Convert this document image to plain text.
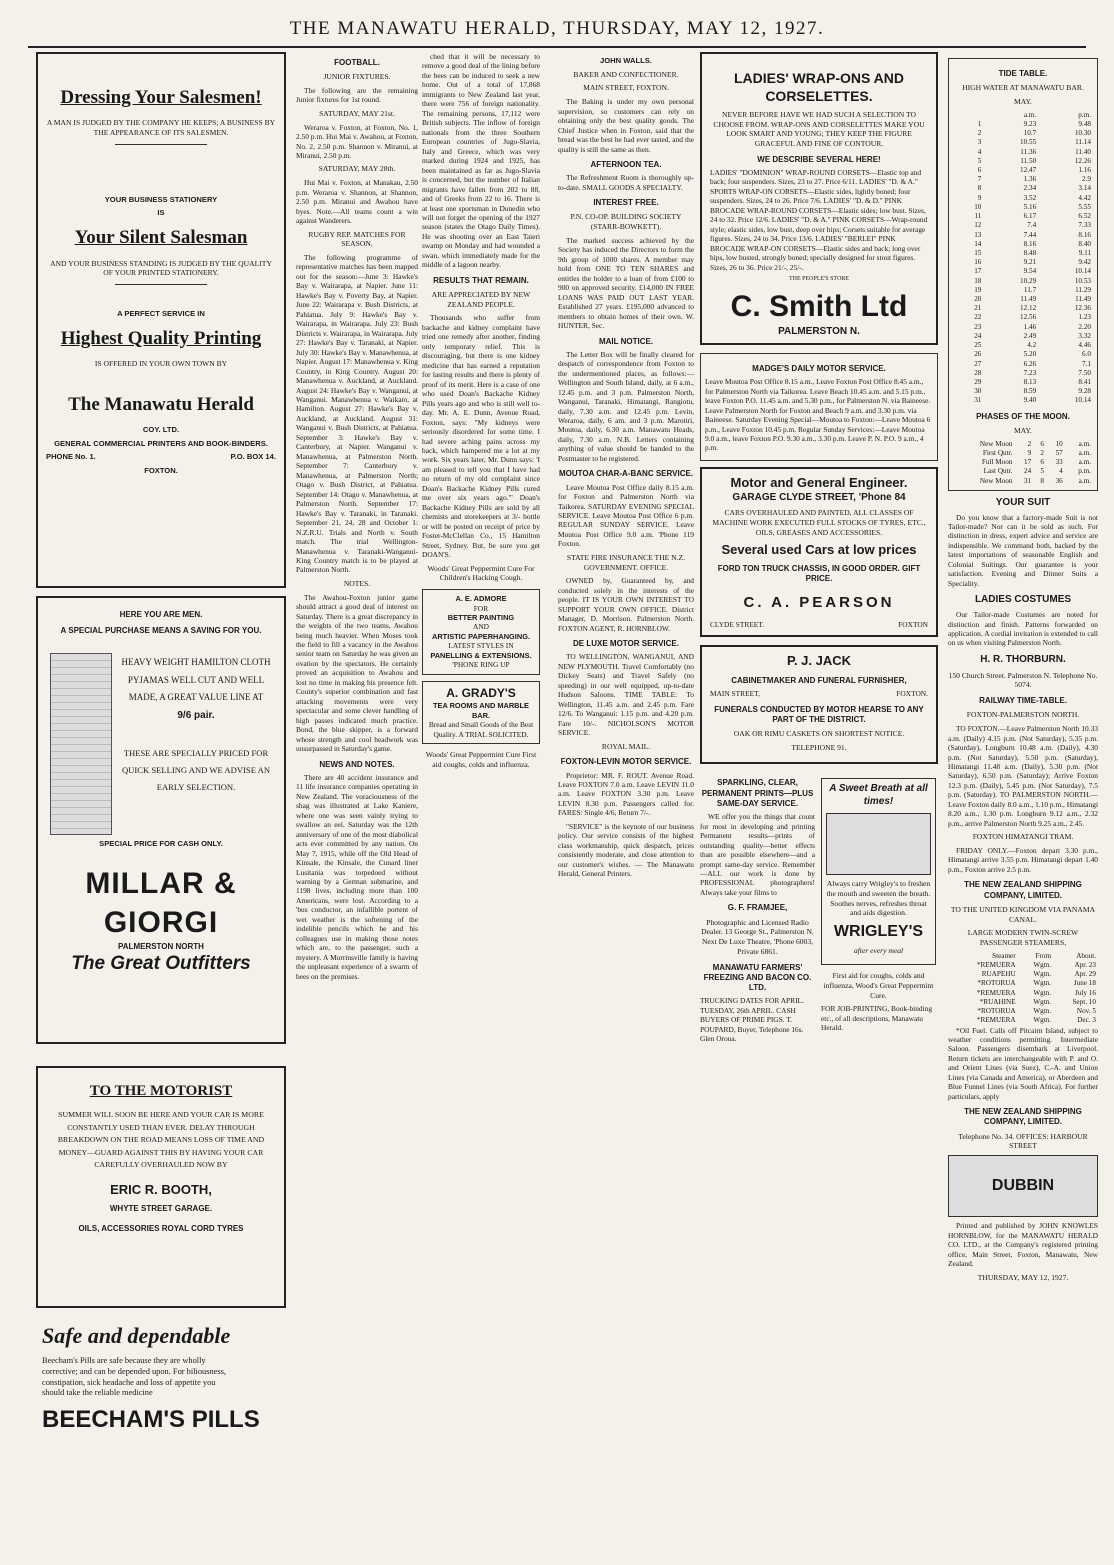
THE MANAWATU HERALD, THURSDAY, MAY 12, 1927.
Dressing Your Salesmen!
A MAN IS JUDGED BY THE COMPANY HE KEEPS; A BUSINESS BY THE APPEARANCE OF ITS SALESMEN.
YOUR BUSINESS STATIONERY
IS
Your Silent Salesman
AND YOUR BUSINESS STANDING IS JUDGED BY THE QUALITY OF YOUR PRINTED STATIONERY.
A PERFECT SERVICE IN
Highest Quality Printing
IS OFFERED IN YOUR OWN TOWN BY
The Manawatu Herald
COY. LTD.
GENERAL COMMERCIAL PRINTERS AND BOOK-BINDERS.
PHONE No. 1.	P.O. BOX 14.
FOXTON.
HERE YOU ARE MEN.
A SPECIAL PURCHASE MEANS A SAVING FOR YOU.
HEAVY WEIGHT HAMILTON CLOTH PYJAMAS WELL CUT AND WELL MADE, A GREAT VALUE LINE AT
9/6 pair.
THESE ARE SPECIALLY PRICED FOR QUICK SELLING AND WE ADVISE AN EARLY SELECTION.
SPECIAL PRICE FOR CASH ONLY.
MILLAR & GIORGI
PALMERSTON NORTH
The Great Outfitters
TO THE MOTORIST
SUMMER WILL SOON BE HERE AND YOUR CAR IS MORE CONSTANTLY USED THAN EVER. DELAY THROUGH BREAKDOWN ON THE ROAD MEANS LOSS OF TIME AND MONEY—GUARD AGAINST THIS BY HAVING YOUR CAR CAREFULLY OVERHAULED NOW BY
ERIC R. BOOTH,
WHYTE STREET GARAGE.
OILS, ACCESSORIES ROYAL CORD TYRES
Safe and dependable
Beecham's Pills are safe because they are wholly corrective; and can be depended upon. For biliousness, constipation, sick headache and loss of appetite you should take the reliable medicine
BEECHAM'S PILLS
FOOTBALL.
JUNIOR FIXTURES.

The following are the remaining Junior fixtures for 1st round.

SATURDAY, MAY 21st.

Weraroa v. Foxton, at Foxton, No. 1, 2.50 p.m. Hui Mai v. Awahou, at Foxton, No. 2, 2.50 p.m. Shannon v. Miranui, at Miranui, 2.50 p.m.

SATURDAY, MAY 28th.

Hui Mai v. Foxton, at Manakau, 2.50 p.m. Weraroa v. Shannon, at Shannon, 2.50 p.m. Miranui and Awahou have byes. Note.—All teams count a win against Wanderers.

RUGBY REP. MATCHES FOR SEASON.

The following programme of representative matches has been mapped out for the season:—June 3: Hawke's Bay v. Wairarapa, at Napier. June 11: Hawke's Bay v. Poverty Bay, at Napier. June 22: Wairarapa v. Bush Districts, at Pahiatua. July 9: Hawke's Bay v. Wairarapa, in Wairarapa. July 23: Bush Districts v. Wairarapa, in Wairarapa. July 27: Hawke's Bay v. Taranaki, at Napier. July 30: Hawke's Bay v. Manawhenua, at Napier. August 17: Manawhenua v. King Country, in King Country. August 20: Manawhenua v. Auckland, at Auckland. August 24: Hawke's Bay v. Wanganui, at Wanganui. Manawhenua v. Waikato, at Hamilton. August 27: Hawke's Bay v. Auckland, at Auckland. August 31: Wanganui v. Bush Districts, at Pahiatua. September 3: Hawke's Bay v. Canterbury, at Napier. Wanganui v. Manawhenua, at Palmerston North. September 7: Canterbury v. Manawhenua, at Palmerston North; Otago v. Bush District, at Pahiatua. September 14: Otago v. Manawhenua, at Palmerston North. September 17: Hawke's Bay v. Taranaki, in Taranaki. September 21, 24, 28 and October 1: N.Z.R.U. Trials and North v. South match. The trial Wellington-Manawhenua v. Taranaki-Wanganui-King Country match is to be played at Palmerston North.

NOTES.

The Awahou-Foxton junior game should attract a good deal of interest on Saturday. There is a great discrepancy in the weights of the two teams, Awahou being much heavier. When Moses took the field to fill a vacancy in the Awahou senior team on Saturday he was given an ovation by the spectators. He certainly proved an acquisition to Awahou and lost no time in making his presence felt. County's superior combination and fast attacking movements were very spectacular and some clever handling of high passes indicated much practice. Bond, the blue skipper, is a forward whose strength and cool headwork was unsurpassed in Saturday's game.

NEWS AND NOTES.

There are 40 accident insurance and 11 life insurance companies operating in New Zealand. The voraciousness of the shag was illustrated at Lake Kaniere, where one was seen vainly trying to swallow an eel. Saturday was the 12th anniversary of one of the most diabolical acts ever committed by any nation. On May 7, 1915, while off the Old Head of Kinsale, the Kinsale, the Cunard liner Lusitania was torpedoed without warning by a German submarine, and 1198 lives, including more than 100 Americans, were lost. According to a 'bus conductor, an infallible portent of wet weather is the softening of the indelible pencils which he and his colleagues use in making those notes which are, to the passenger, such a mystery. A Morrinsville family is having the unpleasant experience of a swarm of bees on the premises.

ched that it will be necessary to remove a good deal of the lining before the bees can be induced to seek a new home. Out of a total of 17,868 immigrants to New Zealand last year, there were 756 of foreign nationality. The remaining persons, 17,112 were British subjects. The inflow of foreign nationals from the three Southern European countries of Jugo-Slavia, Italy and Greece, which was very marked during 1924 and 1925, has been maintained as far as Jugo-Slavia is concerned, but the number of Italian migrants have fallen from 202 to 88, and of Greeks from 22 to 16. There is at least one sportsman in Dunedin who will not forget the opening of the 1927 season (states the Otago Daily Times). He was shooting over an East Taieri swamp on Monday and had wounded a swan, which immediately made for the middle of a lagoon nearby.

RESULTS THAT REMAIN.
ARE APPRECIATED BY NEW ZEALAND PEOPLE.

Thousands who suffer from backache and kidney complaint have tried one remedy after another, finding only temporary relief. This is discouraging, but there is one kidney medicine that has earned a reputation for lasting results and there is plenty of proof of its merit. Here is a case of one who used Doan's Backache Kidney Pills years ago and who is still well to-day. Mr. A. E. Dunn, Avenue Road, Foxton, says: "My kidneys were seriously disordered for some time. I had severe aching pains across my back, which hampered me a lot at my work. Six years later, Mr. Dunn says: 'I am pleased to tell you that I have had no return of my old complaint since Doan's Backache Kidney Pills cured me over six years ago.'" Doan's Backache Kidney Pills are sold by all chemists and storekeepers at 3/- bottle or will be posted on receipt of price by Foster-McClellan Co., 15 Hamilton Street, Sydney. But, be sure you get DOAN'S.

Woods' Great Peppermint Cure For Children's Hacking Cough.
A. E. ADMORE
FOR
BETTER PAINTING
AND
ARTISTIC PAPERHANGING.
LATEST STYLES IN
PANELLING & EXTENSIONS.
'PHONE RING UP
A. GRADY'S
TEA ROOMS AND MARBLE BAR.
Bread and Small Goods of the Best Quality. A TRIAL SOLICITED.
Woods' Great Peppermint Cure First aid coughs, colds and influenza.
JOHN WALLS.
BAKER AND CONFECTIONER.
MAIN STREET, FOXTON.

The Baking is under my own personal supervision, so customers can rely on obtaining only the best quality goods. The Chief Justice when in Foxton, said that the bread was the best he had ever tasted, and the quality is still the same as then.

AFTERNOON TEA.

The Refreshment Room is thoroughly up-to-date. SMALL GOODS A SPECIALTY.

INTEREST FREE.
P.N. CO-OP. BUILDING SOCIETY (STARR-BOWKETT).

The marked success achieved by the Society has induced the Directors to form the 9th group of 1000 shares. A member may hold from ONE TO TEN SHARES and entitles the holder to a loan of from £100 to 900 on approved security. £14,000 IN FREE LOANS WAS PAID OUT LAST YEAR. Established 27 years. £195,000 advanced to members to obtain homes of their own. W. HUNTER, Sec.

MAIL NOTICE.

The Letter Box will be finally cleared for despatch of correspondence from Foxton to the undermentioned places, as follows:— Wellington and South Island, daily, at 6 a.m., 12.45 p.m. and 3 p.m. Palmerston North, Wanganui, Taranaki, Himatangi, Rangiotu, daily, 7.30 a.m. and 12.45 p.m. Levin, Weraroa, daily, 6 am. and 3 p.m. Marotiri, Moutoa, daily, 6.30 a.m. Manawatu Heads, daily, 7.30 a.m. N.B. Letters containing anything of value should be handed to the Postmaster to be registered.

MOUTOA CHAR-A-BANC SERVICE.

Leave Moutoa Post Office daily 8.15 a.m. for Foxton and Palmerston North via Taikorea. SATURDAY EVENING SPECIAL SERVICE. Leave Moutoa Post Office 6 p.m. REGULAR SUNDAY SERVICE. Leave Moutoa Post Office 9.0 a.m. 'Phone 119 Foxton.

STATE FIRE INSURANCE THE N.Z. GOVERNMENT. OFFICE.

OWNED by, Guaranteed by, and conducted solely in the interests of the people. IT IS YOUR OWN INTEREST TO SUPPORT YOUR OWN OFFICE. District Manager, D. Morrison. Palmerston North. FOXTON AGENT, R. HORNBLOW.

DE LUXE MOTOR SERVICE.

TO WELLINGTON, WANGANUI, AND NEW PLYMOUTH. Travel Comfortably (no Dickey Seats) and Travel Safely (no speeding) in our well equipped, up-to-date Hudson Saloons. TIME TABLE: To Wellington, 11.45 a.m. and 2.45 p.m. Fare 12/6. To Wanganui: 1.15 p.m. and 4.20 p.m. Fare 10/-. NICHOLSON'S MOTOR SERVICE.

ROYAL MAIL.
FOXTON-LEVIN MOTOR SERVICE.

Proprietor: MR. F. ROUT. Avenue Road. Leave FOXTON 7.0 a.m. Leave LEVIN 11.0 a.m. Leave FOXTON 3.30 p.m. Leave LEVIN 8.30 p.m. Passengers called for. FARES: Single 4/6, Return 7/-.

"SERVICE" is the keynote of our business policy. Our service consists of the highest class workmanship, quick despatch, prices consistently moderate, and close attention to our customer's wishes. — The Manawatu Herald, General Printers.

LADIES' WRAP-ONS AND CORSELETTES.
NEVER BEFORE HAVE WE HAD SUCH A SELECTION TO CHOOSE FROM. WRAP-ONS AND CORSELETTES MAKE YOU LOOK SMART AND YOUNG; THEY KEEP THE FIGURE GRACEFUL AND FINE OF CONTOUR.
WE DESCRIBE SEVERAL HERE!
LADIES' "DOMINION" WRAP-ROUND CORSETS—Elastic top and back; four suspenders. Sizes, 23 to 27. Price 6/11. LADIES' "D. & A." SPORTS WRAP-ON CORSETS—Elastic sides, lightly boned; four suspenders. Sizes, 24 to 26. Price 7/6. LADIES' "D. & D." PINK BROCADE WRAP-ROUND CORSETS—Elastic sides; low bust. Sizes, 24 to 32. Price 12/6. LADIES' "D. & A." PINK CORSETS—Wrap-round style; elastic sides, low bust, deep over hips; Corsets suitable for average figures. Sizes, 24 to 34. Price 13/6. LADIES' "BERLEI" PINK BROCADE WRAP-ON CORSETS—Elastic sides and back; long over hips, low busted, strongly boned; specially designed for stout figures. Sizes, 26 to 36. Price 21/-, 25/-.
THE PEOPLE'S STORE
C. Smith Ltd
PALMERSTON N.
MADGE'S DAILY MOTOR SERVICE.
Leave Moutoa Post Office 8.15 a.m., Leave Foxton Post Office 8.45 a.m., for Palmerston North via Taikorea. Leave Beach 10.45 a.m. and 5.15 p.m., leave Foxton P.O. 11.45 a.m. and 5.30 p.m., for Palmerston N. via Baineese. Leave Palmerston North for Foxton and Beach 9 a.m. and 3.30 p.m. via Baineese. Saturday Evening Special—Moutoa to Foxton:—Leave Moutoa 6 p.m., Leave Foxton 10.45 p.m. Regular Sunday Services:—Leave Moutoa 9.0 a.m., leave Foxton P.O. 9.30 a.m., 3.30 p.m. Leave P. N. P.O. 9 a.m., 4 p.m.
Motor and General Engineer.
GARAGE CLYDE STREET, 'Phone 84
CARS OVERHAULED AND PAINTED, ALL CLASSES OF MACHINE WORK EXECUTED FULL STOCKS OF TYRES, ETC., OILS, GREASES AND ACCESSORIES.
Several used Cars at low prices
FORD TON TRUCK CHASSIS, IN GOOD ORDER. GIFT PRICE.
C. A. PEARSON
CLYDE STREET.	FOXTON
P. J. JACK
CABINETMAKER AND FUNERAL FURNISHER,
MAIN STREET,	FOXTON.
FUNERALS CONDUCTED BY MOTOR HEARSE TO ANY PART OF THE DISTRICT.
OAK OR RIMU CASKETS ON SHORTEST NOTICE.
TELEPHONE 91.
SPARKLING, CLEAR, PERMANENT PRINTS—PLUS SAME-DAY SERVICE.

WE offer you the things that count for most in developing and printing Permanent results—prints of outstanding quality—better effects than are possible elsewhere—and a prompt same-day service. Remember—ALL our work is done by PROFESSIONAL photographers! Always take your films to

G. F. FRAMJEE,
Photographic and Licensed Radio Dealer. 13 George St., Palmerston N. Next De Luxe Theatre, 'Phone 6003, Private 6861.
MANAWATU FARMERS' FREEZING AND BACON CO. LTD.
TRUCKING DATES FOR APRIL. TUESDAY, 26th APRIL. CASH BUYERS OF PRIME PIGS. T. POUPARD, Buyer, Telephone 16s. Glen Oroua.
A Sweet Breath at all times!
Always carry Wrigley's to freshen the mouth and sweeten the breath. Soothes nerves, refreshes throat and aids digestion.
WRIGLEY'S
after every meal
First aid for coughs, colds and influenza, Wood's Great Peppermint Cure.
FOR JOB-PRINTING, Book-binding etc., of all descriptions, Manawatu Herald.
TIDE TABLE.
HIGH WATER AT MANAWATU BAR.
MAY.
	a.m.	p.m.
1	9.23	9.48
2	10.7	10.30
3	10.55	11.14
4	11.36	11.40
5	11.50	12.26
6	12.47	1.16
7	1.36	2.9
8	2.34	3.14
9	3.52	4.42
10	5.16	5.55
11	6.17	6.52
12	7.4	7.33
13	7.44	8.16
14	8.16	8.40
15	8.48	9.11
16	9.21	9.42
17	9.54	10.14
18	10.29	10.53
19	11.7	11.29
20	11.49	11.49
21	12.12	12.36
22	12.56	1.23
23	1.46	2.20
24	2.49	3.32
25	4.2	4.46
26	5.20	6.0
27	6.26	7.1
28	7.23	7.50
29	8.13	8.41
30	8.59	9.28
31	9.40	10.14
PHASES OF THE MOON.
MAY.
New Moon	2	6	10	a.m.
First Qutr.	9	2	57	a.m.
Full Moon	17	6	33	a.m.
Last Qutr.	24	5	4	p.m.
New Moon	31	8	36	a.m.
YOUR SUIT

Do you know that a factory-made Suit is not Tailor-made? Nor can it be sold as such. For distinction in dress, expert advice and service are indispensible. We command both, backed by the latest importations of seasonable English and Colonial Suitings. Our guarantee is your satisfaction. Evening and Dinner Suits a Speciality.

LADIES COSTUMES

Our Tailor-made Costumes are noted for distinction and finish. Patterns forwarded on application. A cordial invitation is extended to call on us when visiting Palmerston North.

H. R. THORBURN.
150 Church Street. Palmerston N. Telephone No. 5074.
RAILWAY TIME-TABLE.
FOXTON-PALMERSTON NORTH.

TO FOXTON.—Leave Palmerston North 10.33 a.m. (Daily) 4.15 p.m. (Not Saturday), 5.35 p.m. (Saturday), Longburn 10.48 a.m. (Daily), 4.30 p.m. (Not Saturday), 5.50 p.m. (Saturday), Himatangi 11.48 a.m. (Daily), 5.30 p.m. (Not Saturday), 6.50 p.m. (Saturday); Arrive Foxton 12.3 p.m. (Daily), 5.45 p.m. (Not Saturday), 7.5 p.m. (Saturday). TO PALMERSTON NORTH.—Leave Foxton daily 8.0 a.m., 1.10 p.m., Himatangi 8.20 a.m., 1.30 p.m. Longburn 9.12 a.m., 2.32 p.m., arrive Palmerston North 9.25 a.m., 2.45.

FOXTON HIMATANGI TRAM.

FRIDAY ONLY.—Foxton depart 3.30 p.m., Himatangi arrive 3.55 p.m. Himatangi depart 1.40 p.m., Foxton arrive 2.5 p.m.

THE NEW ZEALAND SHIPPING COMPANY, LIMITED.
TO THE UNITED KINGDOM VIA PANAMA CANAL.
LARGE MODERN TWIN-SCREW PASSENGER STEAMERS,
Steamer	From	About.
*REMUERA	Wgtn.	Apr. 23
RUAPEHU	Wgtn.	Apr. 29
*ROTORUA	Wgtn.	June 18
*REMUERA	Wgtn.	July 16
*RUAHINE	Wgtn.	Sept. 10
*ROTORUA	Wgtn.	Nov. 5
*REMUERA	Wgtn.	Dec. 3

*Oil Fuel. Calls off Pitcairn Island, subject to weather conditions permitting. Intermediate Saloon. Passengers disembark at Liverpool. Return tickets are interchangeable with P. and O. and Orient Lines (via Suez), C.-A. and Union Lines (via Canada and America), or Aberdeen and Blue Funnel Lines (via South Africa). For further particulars, apply

THE NEW ZEALAND SHIPPING COMPANY, LIMITED.
Telephone No. 34. OFFICES: HARBOUR STREET
DUBBIN

Printed and published by JOHN KNOWLES HORNBLOW, for the MANAWATU HERALD CO. LTD., at the Company's registered printing office, Main Street, Foxton, Manawatu, New Zealand.

THURSDAY, MAY 12, 1927.
